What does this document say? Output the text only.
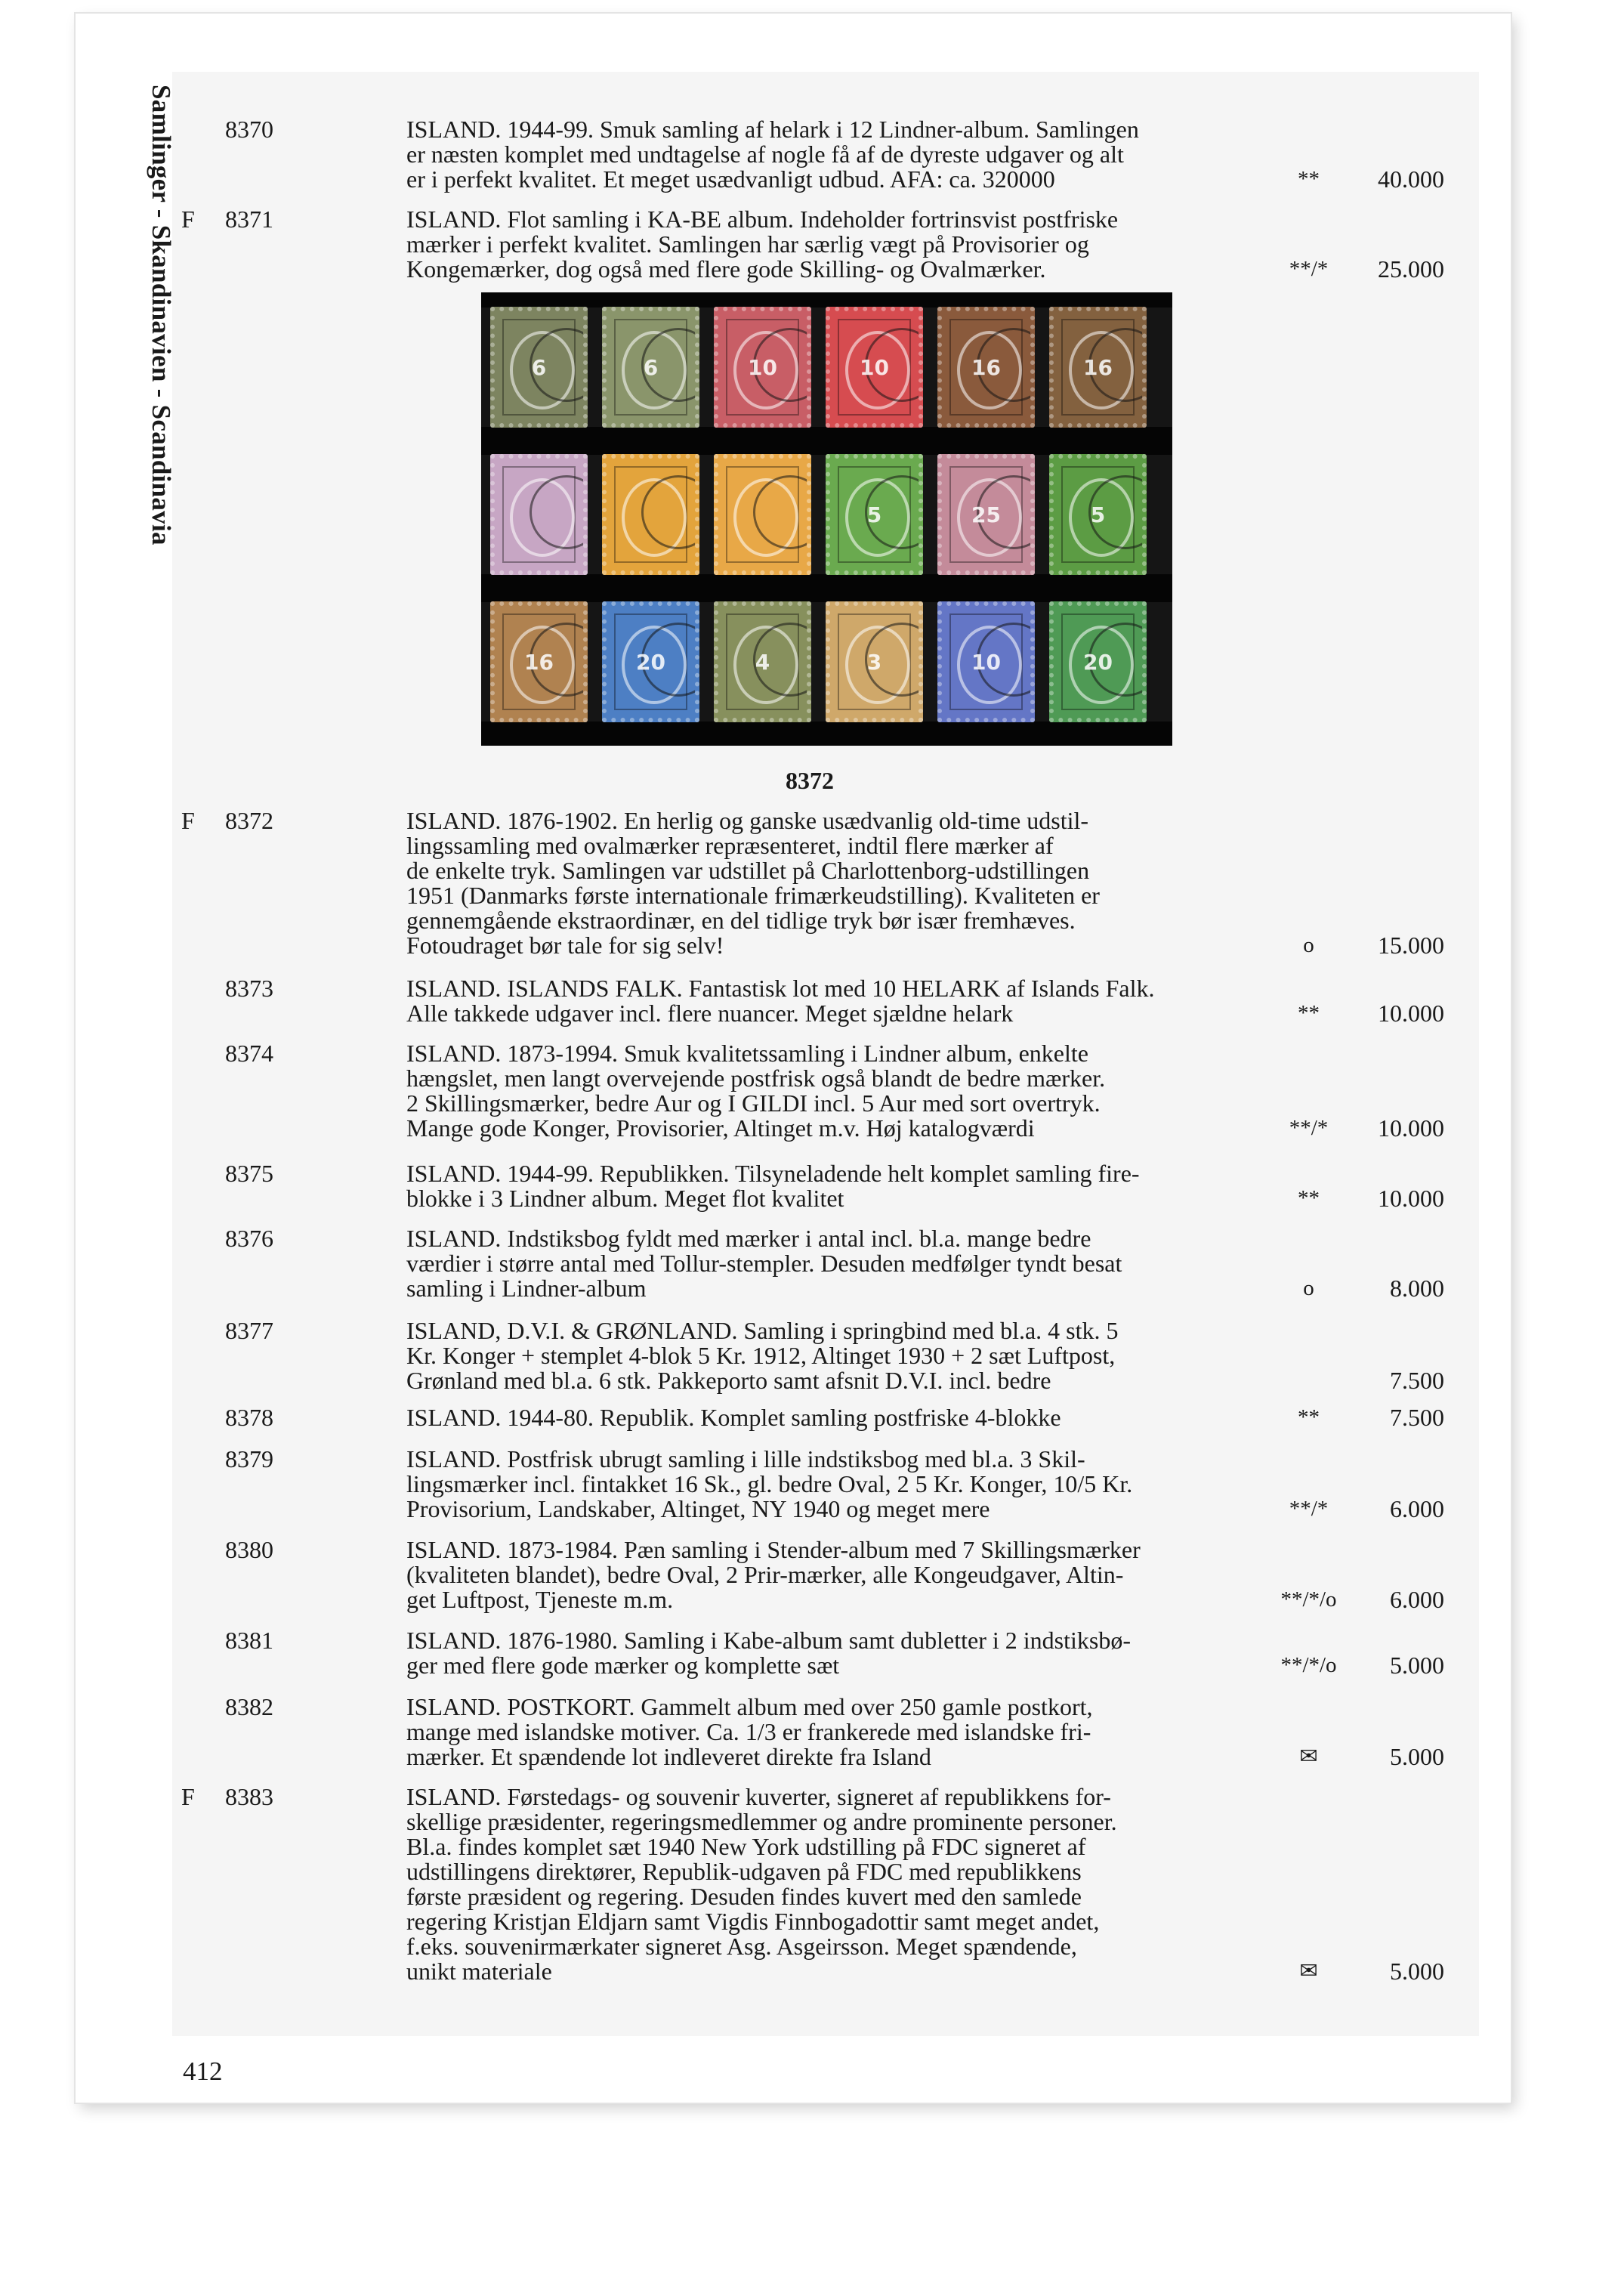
Samlinger - Skandinavien - Scandinavia	6	6	10	10	16	16
5	25	5
16	20	4	3	10	20
8372
8370	ISLAND. 1944-99. Smuk samling af helark i 12 Lindner-album. Samlingen
er næsten komplet med undtagelse af nogle få af de dyreste udgaver og alt
er i perfekt kvalitet. Et meget usædvanligt udbud. AFA: ca. 320000	**	40.000
F 8371	ISLAND. Flot samling i KA-BE album. Indeholder fortrinsvist postfriske
mærker i perfekt kvalitet. Samlingen har særlig vægt på Provisorier og
Kongemærker, dog også med flere gode Skilling- og Ovalmærker.	**/*	25.000
F 8372	ISLAND. 1876-1902. En herlig og ganske usædvanlig old-time udstil-
lingssamling med ovalmærker repræsenteret, indtil flere mærker af
de enkelte tryk. Samlingen var udstillet på Charlottenborg-udstillingen
1951 (Danmarks første internationale frimærkeudstilling). Kvaliteten er
gennemgående ekstraordinær, en del tidlige tryk bør især fremhæves.
Fotoudraget bør tale for sig selv!	o	15.000
8373	ISLAND. ISLANDS FALK. Fantastisk lot med 10 HELARK af Islands Falk.
Alle takkede udgaver incl. flere nuancer. Meget sjældne helark	**	10.000
8374	ISLAND. 1873-1994. Smuk kvalitetssamling i Lindner album, enkelte
hængslet, men langt overvejende postfrisk også blandt de bedre mærker.
2 Skillingsmærker, bedre Aur og I GILDI incl. 5 Aur med sort overtryk.
Mange gode Konger, Provisorier, Altinget m.v. Høj katalogværdi	**/*	10.000
8375	ISLAND. 1944-99. Republikken. Tilsyneladende helt komplet samling fire-
blokke i 3 Lindner album. Meget flot kvalitet	**	10.000
8376	ISLAND. Indstiksbog fyldt med mærker i antal incl. bl.a. mange bedre
værdier i større antal med Tollur-stempler. Desuden medfølger tyndt besat
samling i Lindner-album	o	8.000
8377	ISLAND, D.V.I. & GRØNLAND. Samling i springbind med bl.a. 4 stk. 5
Kr. Konger + stemplet 4-blok 5 Kr. 1912, Altinget 1930 + 2 sæt Luftpost,
Grønland med bl.a. 6 stk. Pakkeporto samt afsnit D.V.I. incl. bedre	7.500
8378	ISLAND. 1944-80. Republik. Komplet samling postfriske 4-blokke	**	7.500
8379	ISLAND. Postfrisk ubrugt samling i lille indstiksbog med bl.a. 3 Skil-
lingsmærker incl. fintakket 16 Sk., gl. bedre Oval, 2 5 Kr. Konger, 10/5 Kr.
Provisorium, Landskaber, Altinget, NY 1940 og meget mere	**/*	6.000
8380	ISLAND. 1873-1984. Pæn samling i Stender-album med 7 Skillingsmærker
(kvaliteten blandet), bedre Oval, 2 Prir-mærker, alle Kongeudgaver, Altin-
get Luftpost, Tjeneste m.m.	**/*/o	6.000
8381	ISLAND. 1876-1980. Samling i Kabe-album samt dubletter i 2 indstiksbø-
ger med flere gode mærker og komplette sæt	**/*/o	5.000
8382	ISLAND. POSTKORT. Gammelt album med over 250 gamle postkort,
mange med islandske motiver. Ca. 1/3 er frankerede med islandske fri-
mærker. Et spændende lot indleveret direkte fra Island	✉	5.000
F 8383	ISLAND. Førstedags- og souvenir kuverter, signeret af republikkens for-
skellige præsidenter, regeringsmedlemmer og andre prominente personer.
Bl.a. findes komplet sæt 1940 New York udstilling på FDC signeret af
udstillingens direktører, Republik-udgaven på FDC med republikkens
første præsident og regering. Desuden findes kuvert med den samlede
regering Kristjan Eldjarn samt Vigdis Finnbogadottir samt meget andet,
f.eks. souvenirmærkater signeret Asg. Asgeirsson. Meget spændende,
unikt materiale	✉	5.000
412
